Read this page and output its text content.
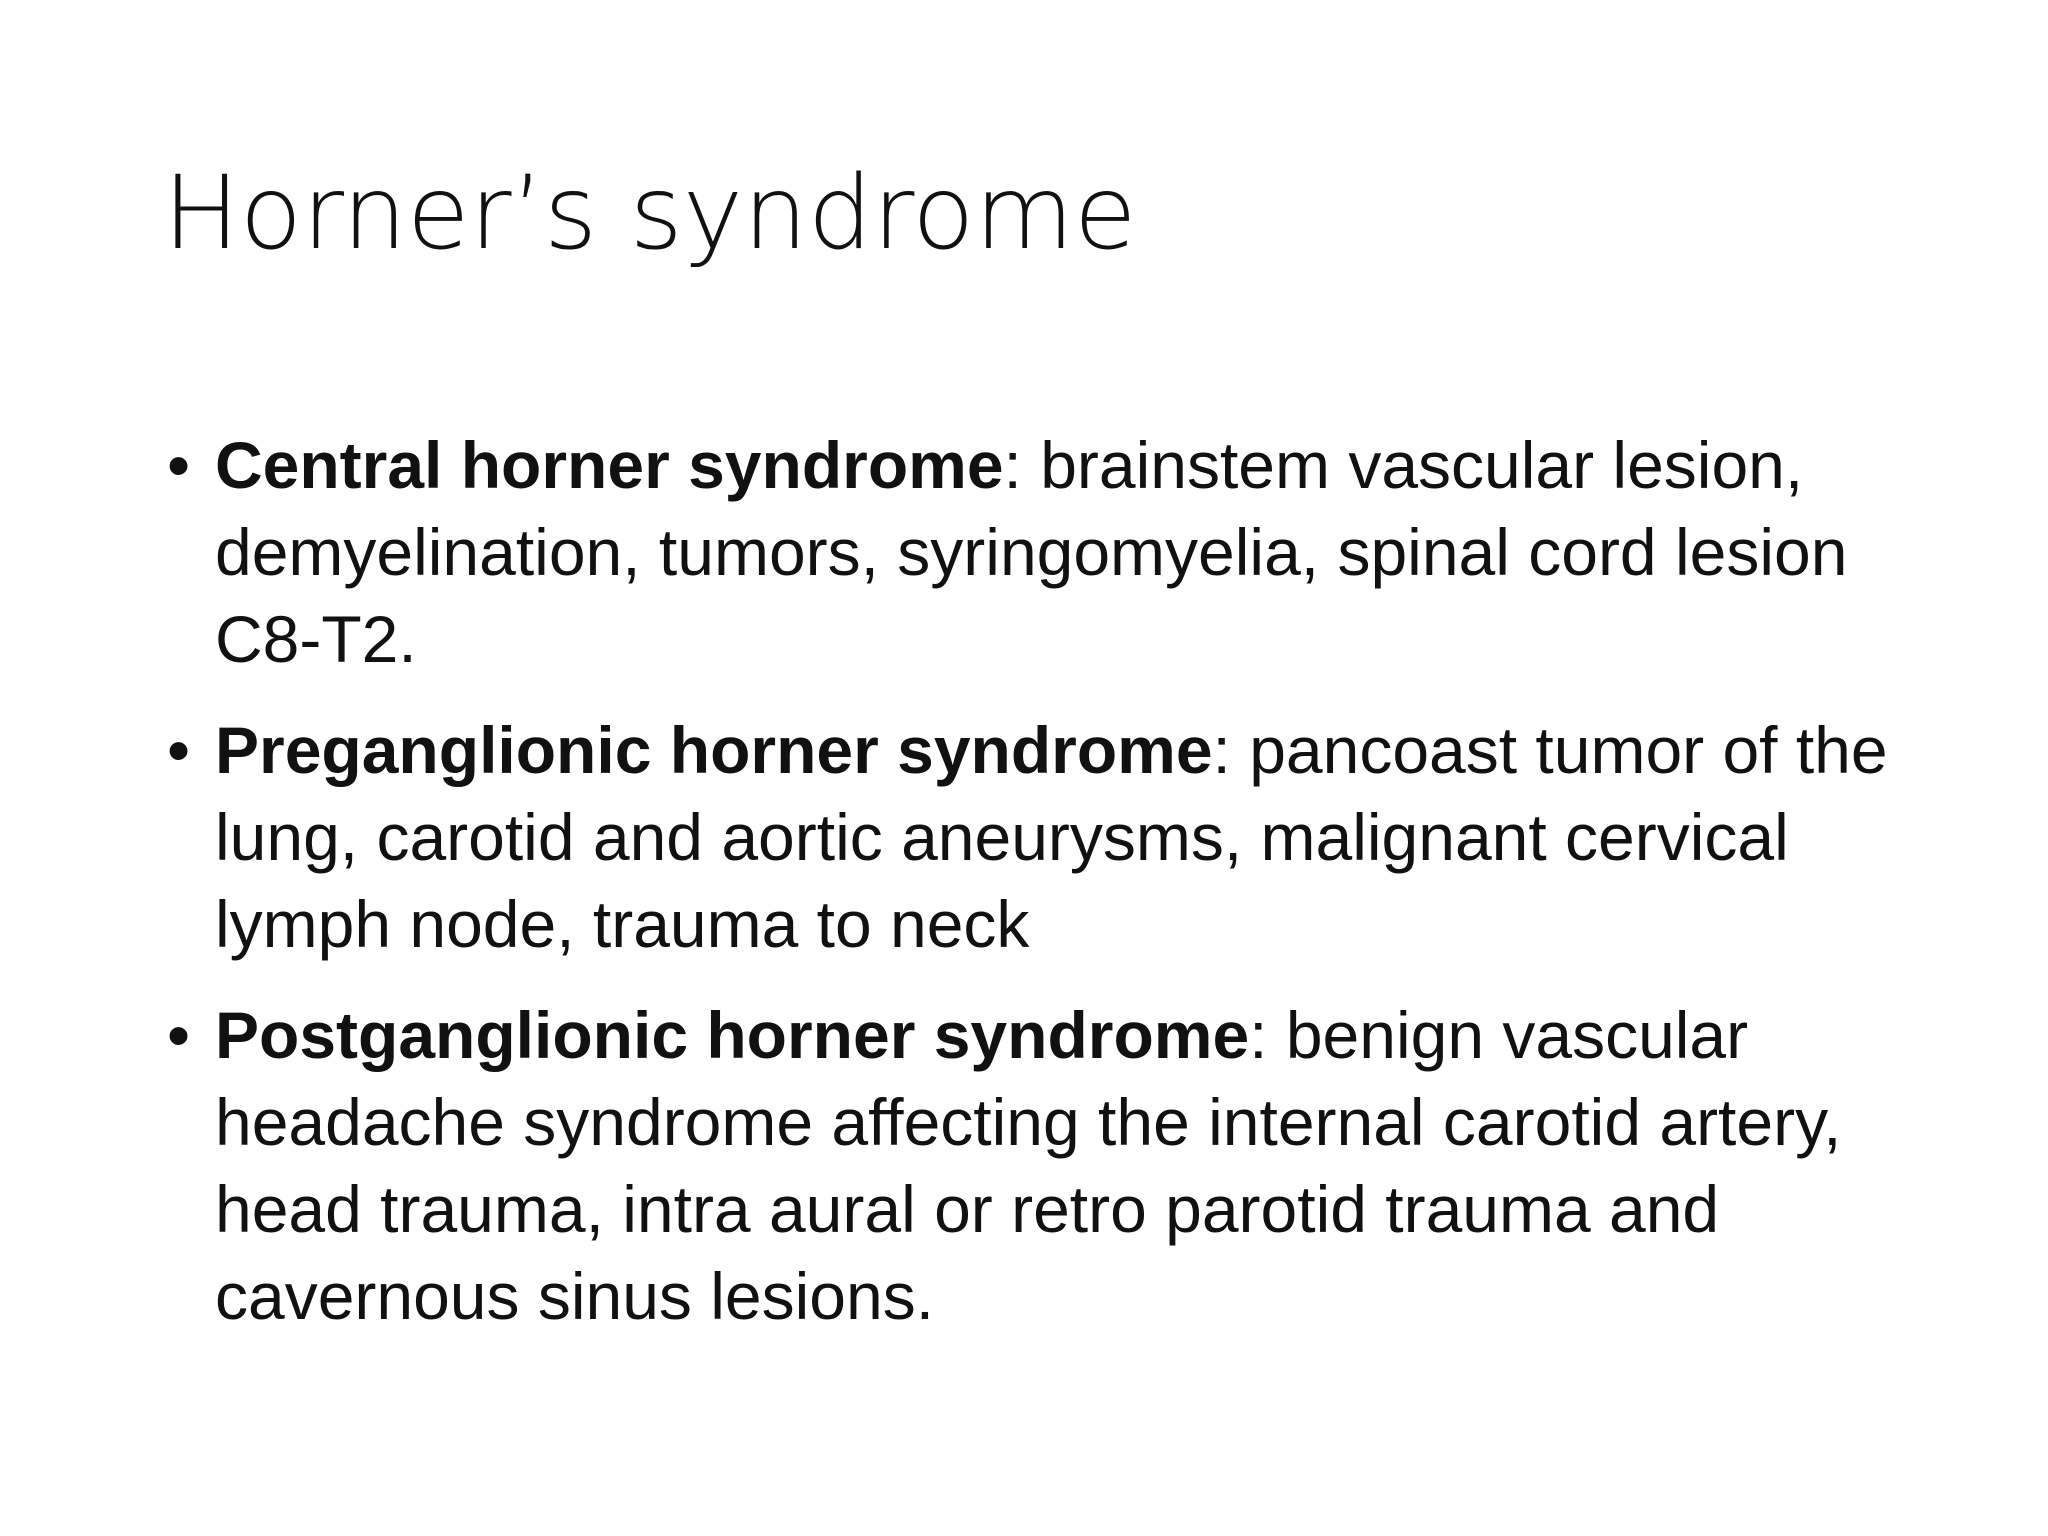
Horner’s syndrome
• Central horner syndrome: brainstem vascular lesion, demyelination, tumors, syringomyelia, spinal cord lesion C8-T2.
• Preganglionic horner syndrome: pancoast tumor of the lung, carotid and aortic aneurysms, malignant cervical lymph node, trauma to neck
• Postganglionic horner syndrome: benign vascular headache syndrome affecting the internal carotid artery, head trauma, intra aural or retro parotid trauma and cavernous sinus lesions.
